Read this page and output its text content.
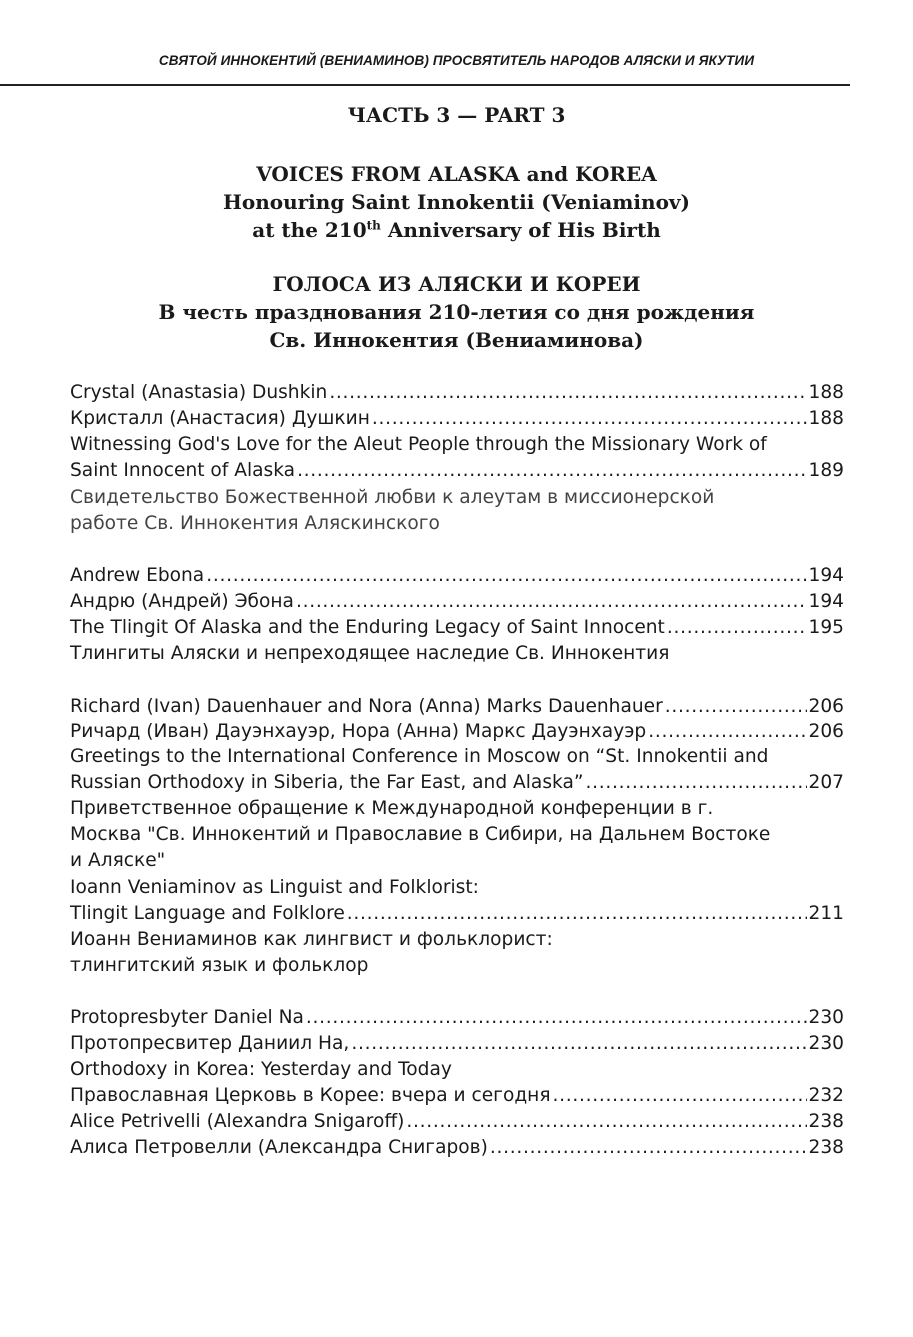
СВЯТОЙ ИННОКЕНТИЙ (ВЕНИАМИНОВ) ПРОСВЯТИТЕЛЬ НАРОДОВ АЛЯСКИ И ЯКУТИИ
ЧАСТЬ 3 — PART 3
VOICES FROM ALASKA and KOREA
Honouring Saint Innokentii (Veniaminov)
at the 210th Anniversary of His Birth
ГОЛОСА ИЗ АЛЯСКИ И КОРЕИ
В честь празднования 210-летия со дня рождения
Св. Иннокентия (Вениаминова)
Crystal (Anastasia) Dushkin . . .	188
Кристалл (Анастасия) Душкин . . .	188
Witnessing God's Love for the Aleut People through the Missionary Work of
Saint Innocent of Alaska . . .	189
Свидетельство Божественной любви к алеутам в миссионерской
работе Св. Иннокентия Аляскинского
Andrew Ebona . . .	194
Андрю (Андрей) Эбона . . .	194
The Tlingit Of Alaska and the Enduring Legacy of Saint Innocent . . .	195
Тлингиты Аляски и непреходящее наследие Св. Иннокентия
Richard (Ivan) Dauenhauer and Nora (Anna) Marks Dauenhauer . . .	206
Ричард (Иван) Дауэнхауэр, Нора (Анна) Маркс Дауэнхауэр . . .	206
Greetings to the International Conference in Moscow on “St. Innokentii and
Russian Orthodoxy in Siberia, the Far East, and Alaska” . . .	207
Приветственное обращение к Международной конференции в г.
Москва "Св. Иннокентий и Православие в Сибири, на Дальнем Востоке
и Аляске"
Ioann Veniaminov as Linguist and Folklorist:
Tlingit Language and Folklore . . .	211
Иоанн Вениаминов как лингвист и фольклорист:
тлингитский язык и фольклор
Protopresbyter Daniel Na . . .	230
Протопресвитер Даниил На, . . .	230
Orthodoxy in Korea: Yesterday and Today
Православная Церковь в Корее: вчера и сегодня . . .	232
Alice Petrivelli (Alexandra Snigaroff) . . .	238
Алиса Петровелли (Александра Снигаров) . . .	238
